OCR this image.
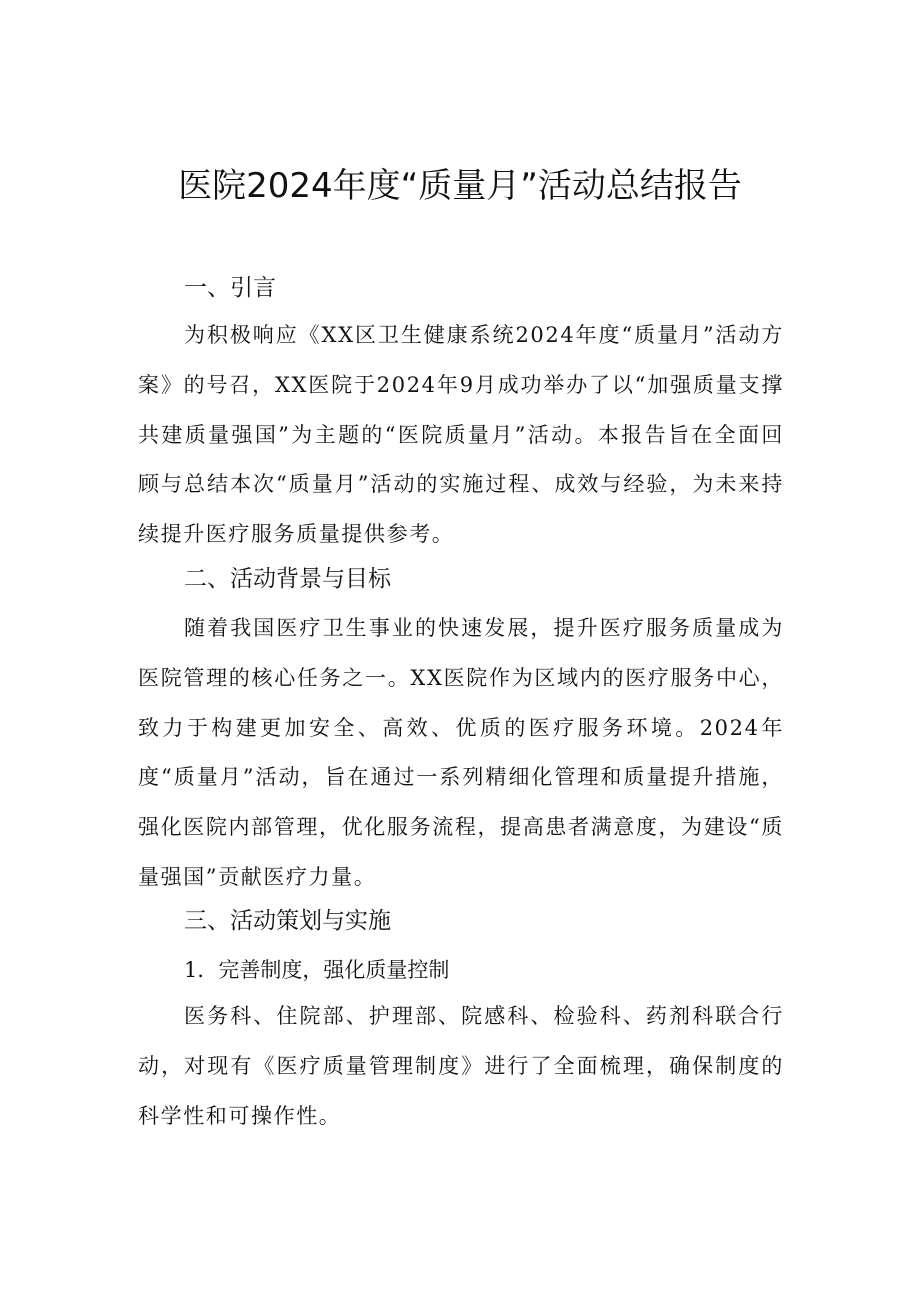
医院2024年度“质量月”活动总结报告
一、引言

为积极响应《XX区卫生健康系统2024年度“质量月”活动方案》的号召，XX医院于2024年9月成功举办了以“加强质量支撑 共建质量强国”为主题的“医院质量月”活动。本报告旨在全面回顾与总结本次“质量月”活动的实施过程、成效与经验，为未来持续提升医疗服务质量提供参考。

二、活动背景与目标

随着我国医疗卫生事业的快速发展，提升医疗服务质量成为医院管理的核心任务之一。XX医院作为区域内的医疗服务中心，致力于构建更加安全、高效、优质的医疗服务环境。2024年度“质量月”活动，旨在通过一系列精细化管理和质量提升措施，强化医院内部管理，优化服务流程，提高患者满意度，为建设“质量强国”贡献医疗力量。

三、活动策划与实施
1．完善制度，强化质量控制

医务科、住院部、护理部、院感科、检验科、药剂科联合行动，对现有《医疗质量管理制度》进行了全面梳理，确保制度的科学性和可操作性。
